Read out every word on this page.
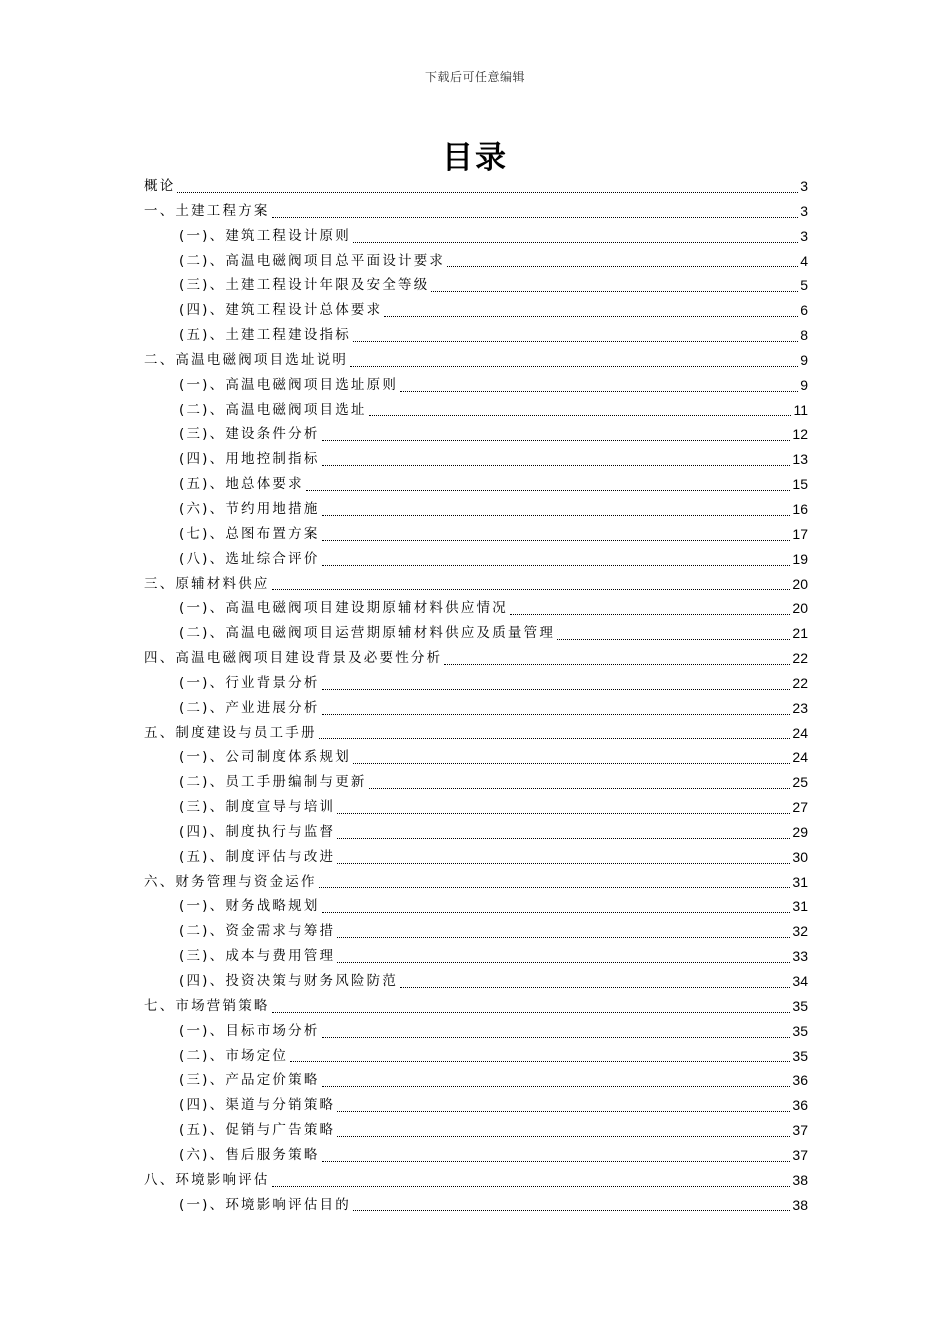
下载后可任意编辑
目录
概论	3
一、土建工程方案	3
(一)、建筑工程设计原则	3
(二)、高温电磁阀项目总平面设计要求	4
(三)、土建工程设计年限及安全等级	5
(四)、建筑工程设计总体要求	6
(五)、土建工程建设指标	8
二、高温电磁阀项目选址说明	9
(一)、高温电磁阀项目选址原则	9
(二)、高温电磁阀项目选址	11
(三)、建设条件分析	12
(四)、用地控制指标	13
(五)、地总体要求	15
(六)、节约用地措施	16
(七)、总图布置方案	17
(八)、选址综合评价	19
三、原辅材料供应	20
(一)、高温电磁阀项目建设期原辅材料供应情况	20
(二)、高温电磁阀项目运营期原辅材料供应及质量管理	21
四、高温电磁阀项目建设背景及必要性分析	22
(一)、行业背景分析	22
(二)、产业进展分析	23
五、制度建设与员工手册	24
(一)、公司制度体系规划	24
(二)、员工手册编制与更新	25
(三)、制度宣导与培训	27
(四)、制度执行与监督	29
(五)、制度评估与改进	30
六、财务管理与资金运作	31
(一)、财务战略规划	31
(二)、资金需求与筹措	32
(三)、成本与费用管理	33
(四)、投资决策与财务风险防范	34
七、市场营销策略	35
(一)、目标市场分析	35
(二)、市场定位	35
(三)、产品定价策略	36
(四)、渠道与分销策略	36
(五)、促销与广告策略	37
(六)、售后服务策略	37
八、环境影响评估	38
(一)、环境影响评估目的	38
